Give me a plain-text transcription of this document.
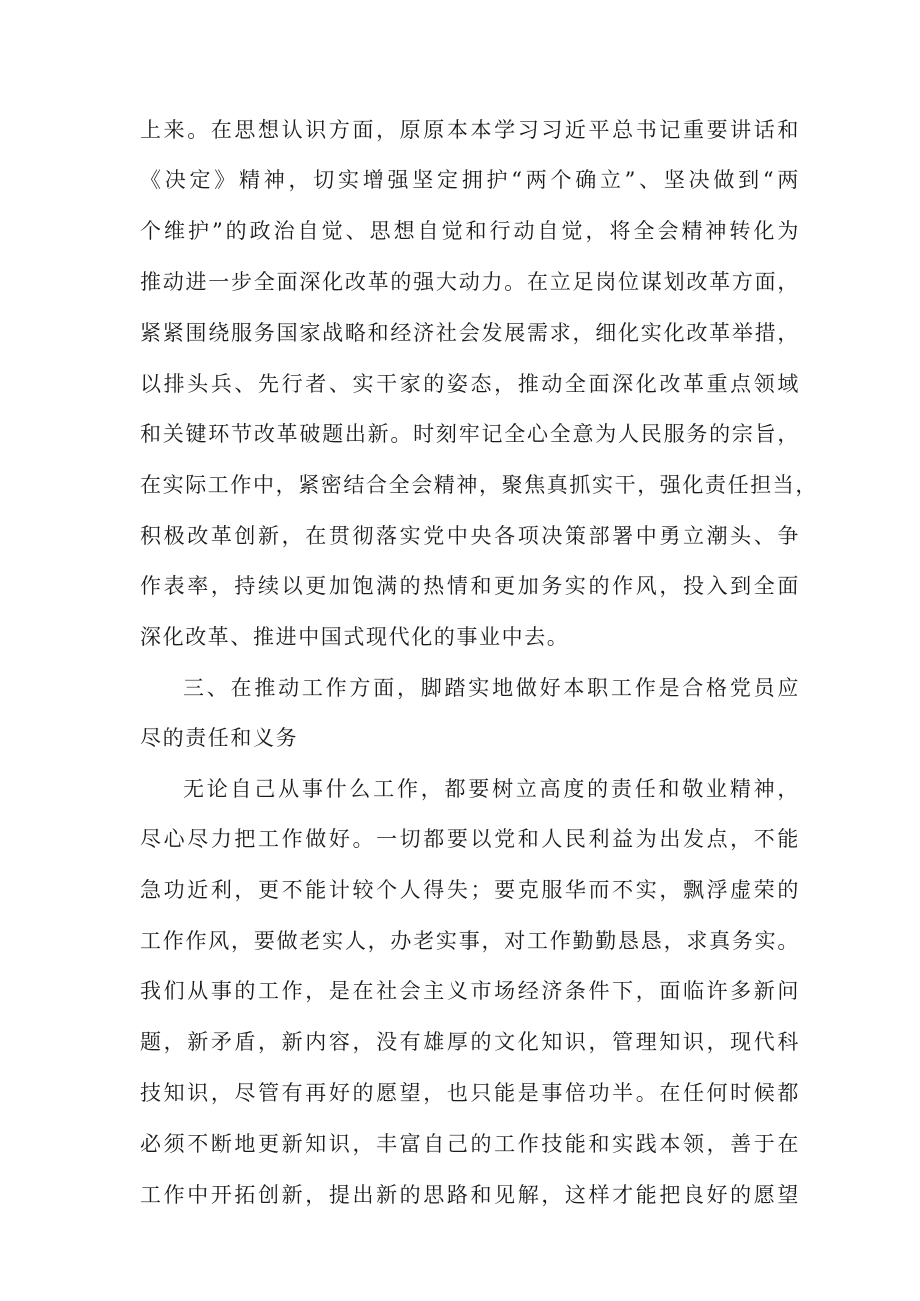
上来。在思想认识方面，原原本本学习习近平总书记重要讲话和
《决定》精神，切实增强坚定拥护“两个确立”、坚决做到“两
个维护”的政治自觉、思想自觉和行动自觉，将全会精神转化为
推动进一步全面深化改革的强大动力。在立足岗位谋划改革方面，
紧紧围绕服务国家战略和经济社会发展需求，细化实化改革举措，
以排头兵、先行者、实干家的姿态，推动全面深化改革重点领域
和关键环节改革破题出新。时刻牢记全心全意为人民服务的宗旨，
在实际工作中，紧密结合全会精神，聚焦真抓实干，强化责任担当，
积极改革创新，在贯彻落实党中央各项决策部署中勇立潮头、争
作表率，持续以更加饱满的热情和更加务实的作风，投入到全面
深化改革、推进中国式现代化的事业中去。
三、在推动工作方面，脚踏实地做好本职工作是合格党员应
尽的责任和义务
无论自己从事什么工作，都要树立高度的责任和敬业精神，
尽心尽力把工作做好。一切都要以党和人民利益为出发点，不能
急功近利，更不能计较个人得失；要克服华而不实，飘浮虚荣的
工作作风，要做老实人，办老实事，对工作勤勤恳恳，求真务实。
我们从事的工作，是在社会主义市场经济条件下，面临许多新问
题，新矛盾，新内容，没有雄厚的文化知识，管理知识，现代科
技知识，尽管有再好的愿望，也只能是事倍功半。在任何时候都
必须不断地更新知识，丰富自己的工作技能和实践本领，善于在
工作中开拓创新，提出新的思路和见解，这样才能把良好的愿望
